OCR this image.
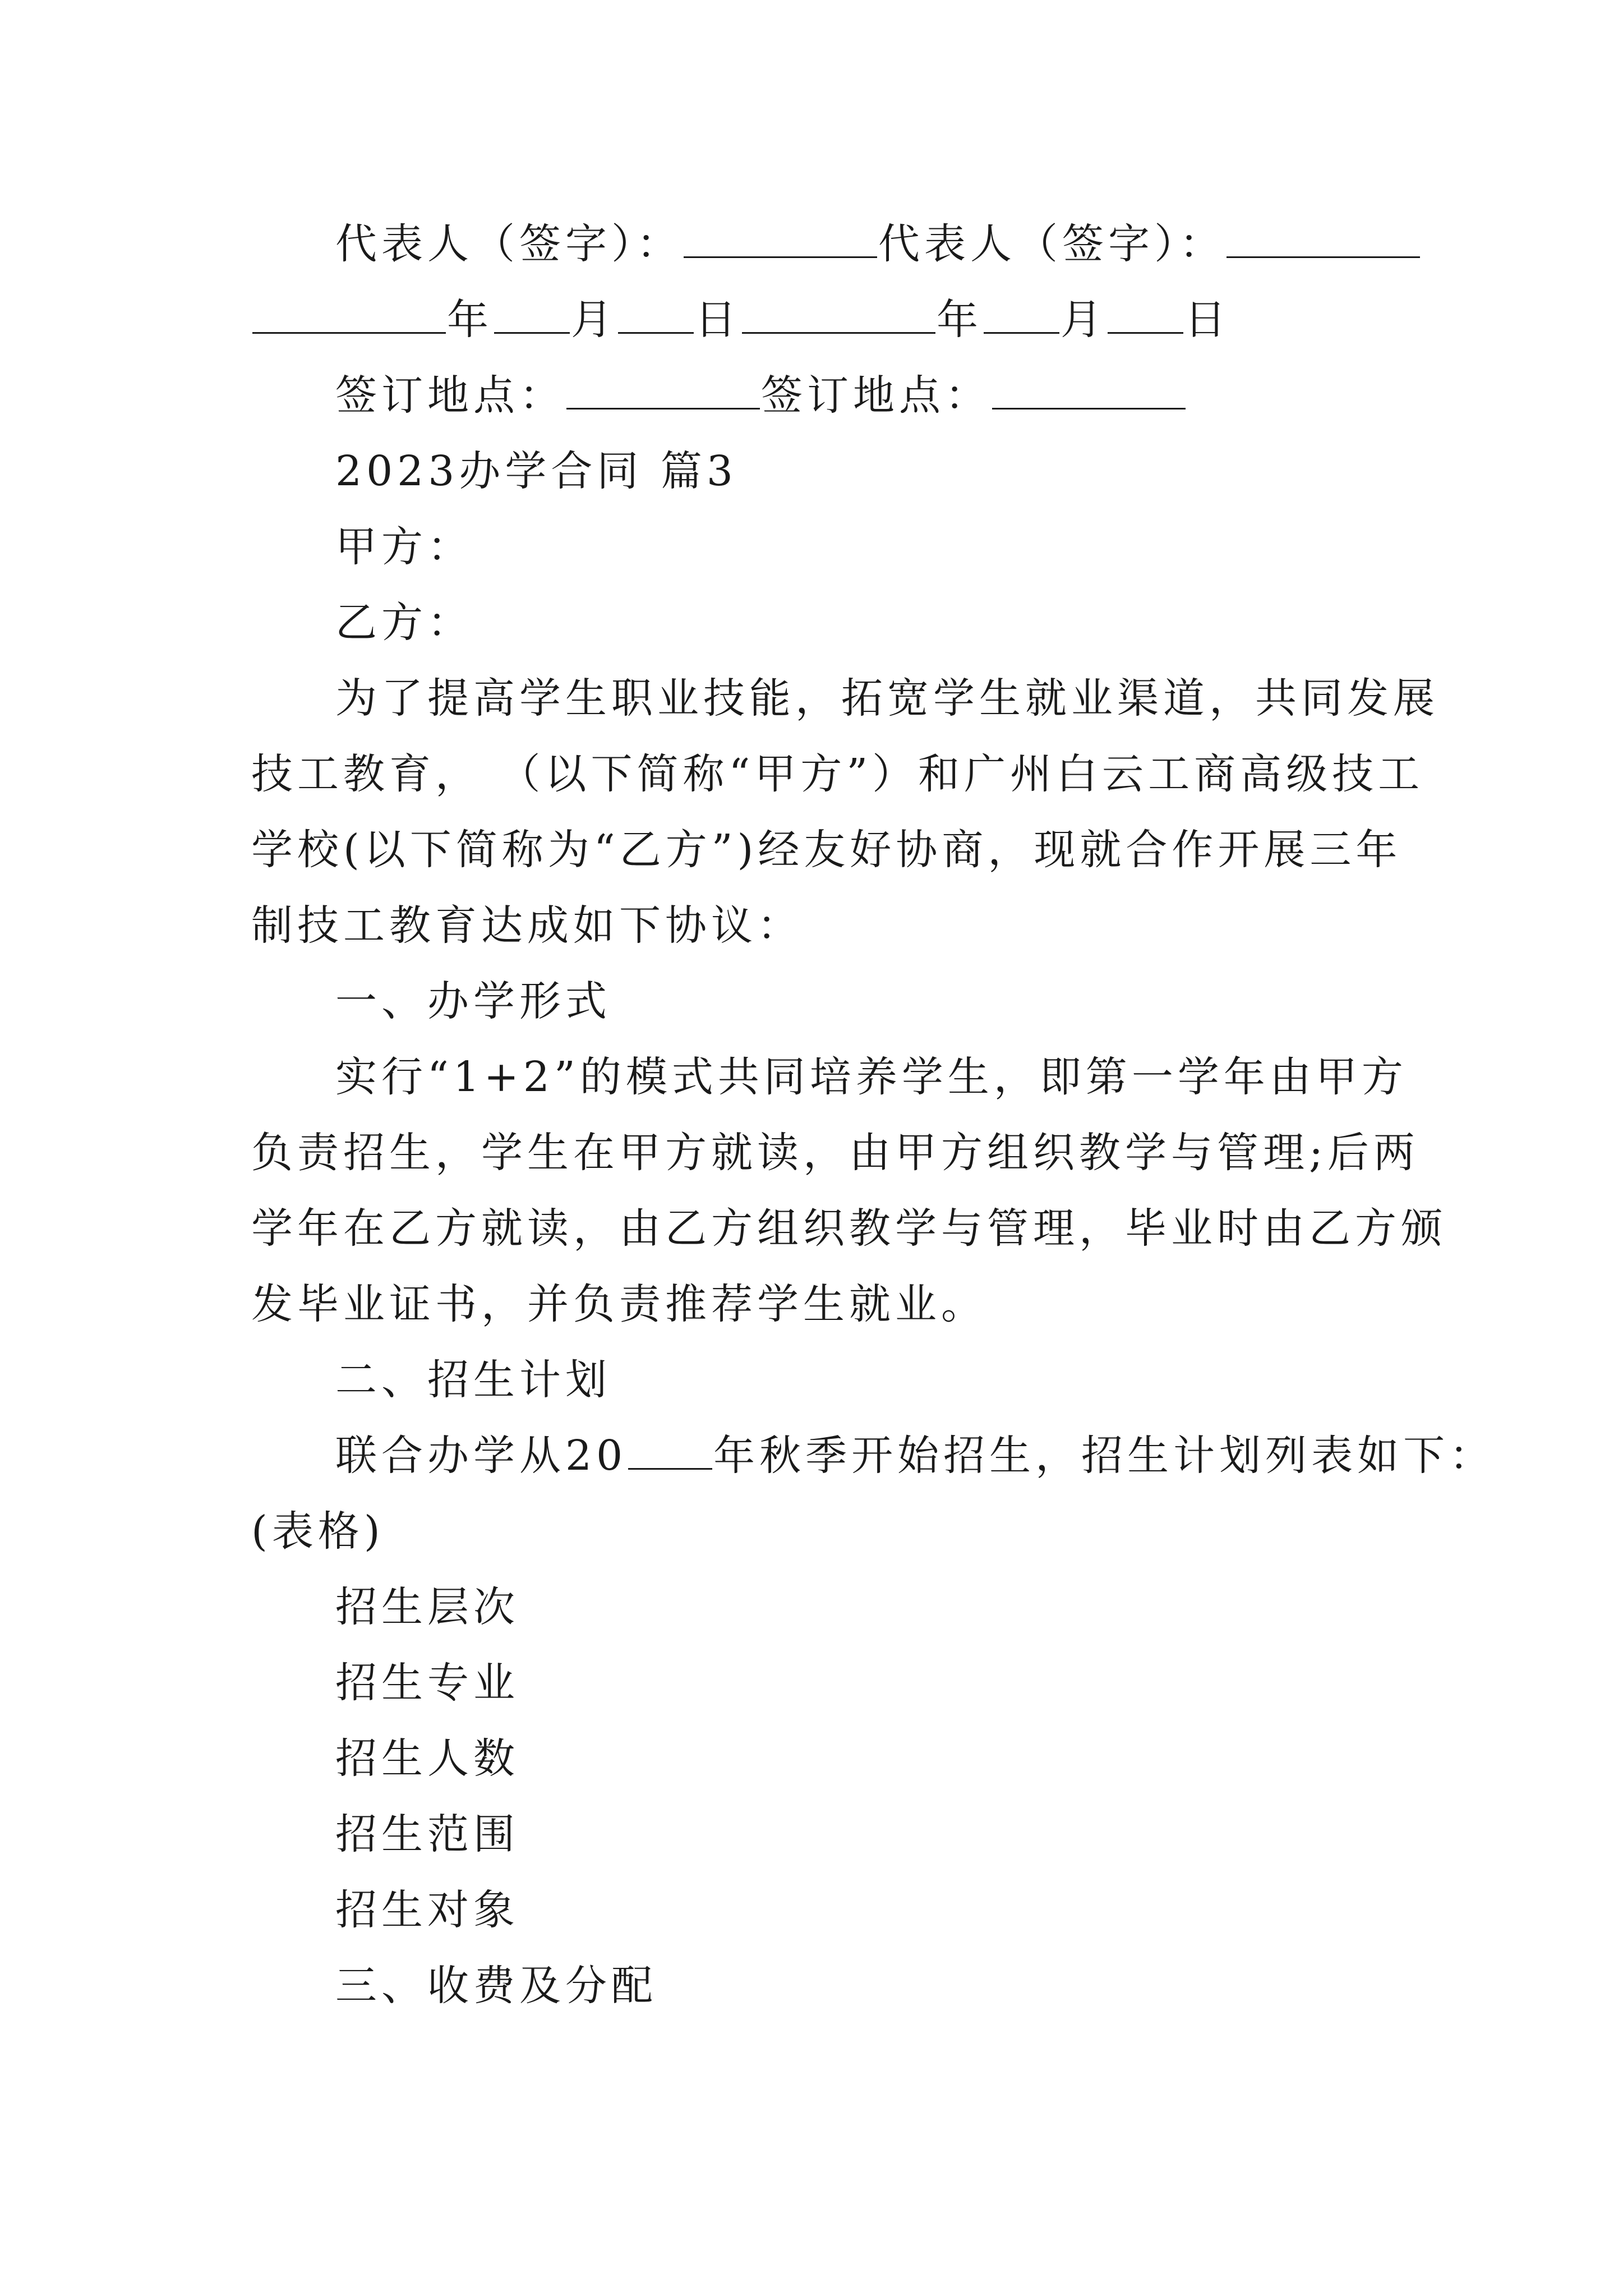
代表人（签字）：	代表人（签字）：
年 月 日	年 月 日
签订地点：	签订地点：
2023办学合同 篇3
甲方：
乙方：
为了提高学生职业技能，拓宽学生就业渠道，共同发展
技工教育， （以下简称“甲方”）和广州白云工商高级技工
学校(以下简称为“乙方”)经友好协商，现就合作开展三年
制技工教育达成如下协议：
一、办学形式
实行“1+2”的模式共同培养学生，即第一学年由甲方
负责招生，学生在甲方就读，由甲方组织教学与管理;后两
学年在乙方就读，由乙方组织教学与管理，毕业时由乙方颁
发毕业证书，并负责推荐学生就业。
二、招生计划
联合办学从20 年秋季开始招生，招生计划列表如下：
(表格)
招生层次
招生专业
招生人数
招生范围
招生对象
三、收费及分配
